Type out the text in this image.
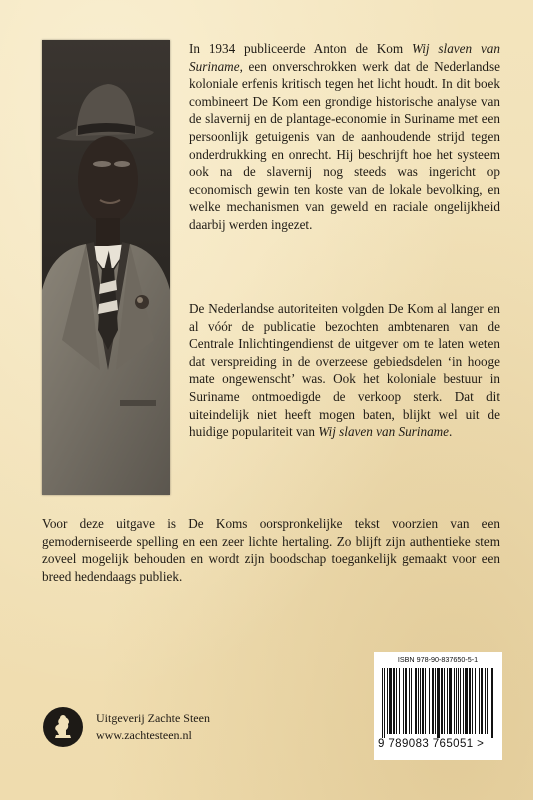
In 1934 publiceerde Anton de Kom Wij slaven van Suriname, een onverschrokken werk dat de Nederlandse koloniale erfenis kritisch tegen het licht houdt. In dit boek combineert De Kom een grondige historische analyse van de slavernij en de plantage-economie in Suriname met een persoonlijk getuigenis van de aanhoudende strijd tegen onderdrukking en onrecht. Hij beschrijft hoe het systeem ook na de slavernij nog steeds was ingericht op economisch gewin ten koste van de lokale bevolking, en welke mechanismen van geweld en raciale ongelijkheid daarbij werden ingezet.

De Nederlandse autoriteiten volgden De Kom al langer en al vóór de publicatie bezochten ambtenaren van de Centrale Inlichtingendienst de uitgever om te laten weten dat verspreiding in de overzeese gebiedsdelen ‘in hooge mate ongewenscht’ was. Ook het koloniale bestuur in Suriname ontmoedigde de verkoop sterk. Dat dit uiteindelijk niet heeft mogen baten, blijkt wel uit de huidige populariteit van Wij slaven van Suriname.

Voor deze uitgave is De Koms oorspronkelijke tekst voorzien van een gemoderniseerde spelling en een zeer lichte hertaling. Zo blijft zijn authentieke stem zoveel mogelijk behouden en wordt zijn boodschap toegankelijk gemaakt voor een breed hedendaags publiek.

Uitgeverij Zachte Steen
www.zachtesteen.nl
ISBN 978-90-837650-5-1
9 789083 765051 >
